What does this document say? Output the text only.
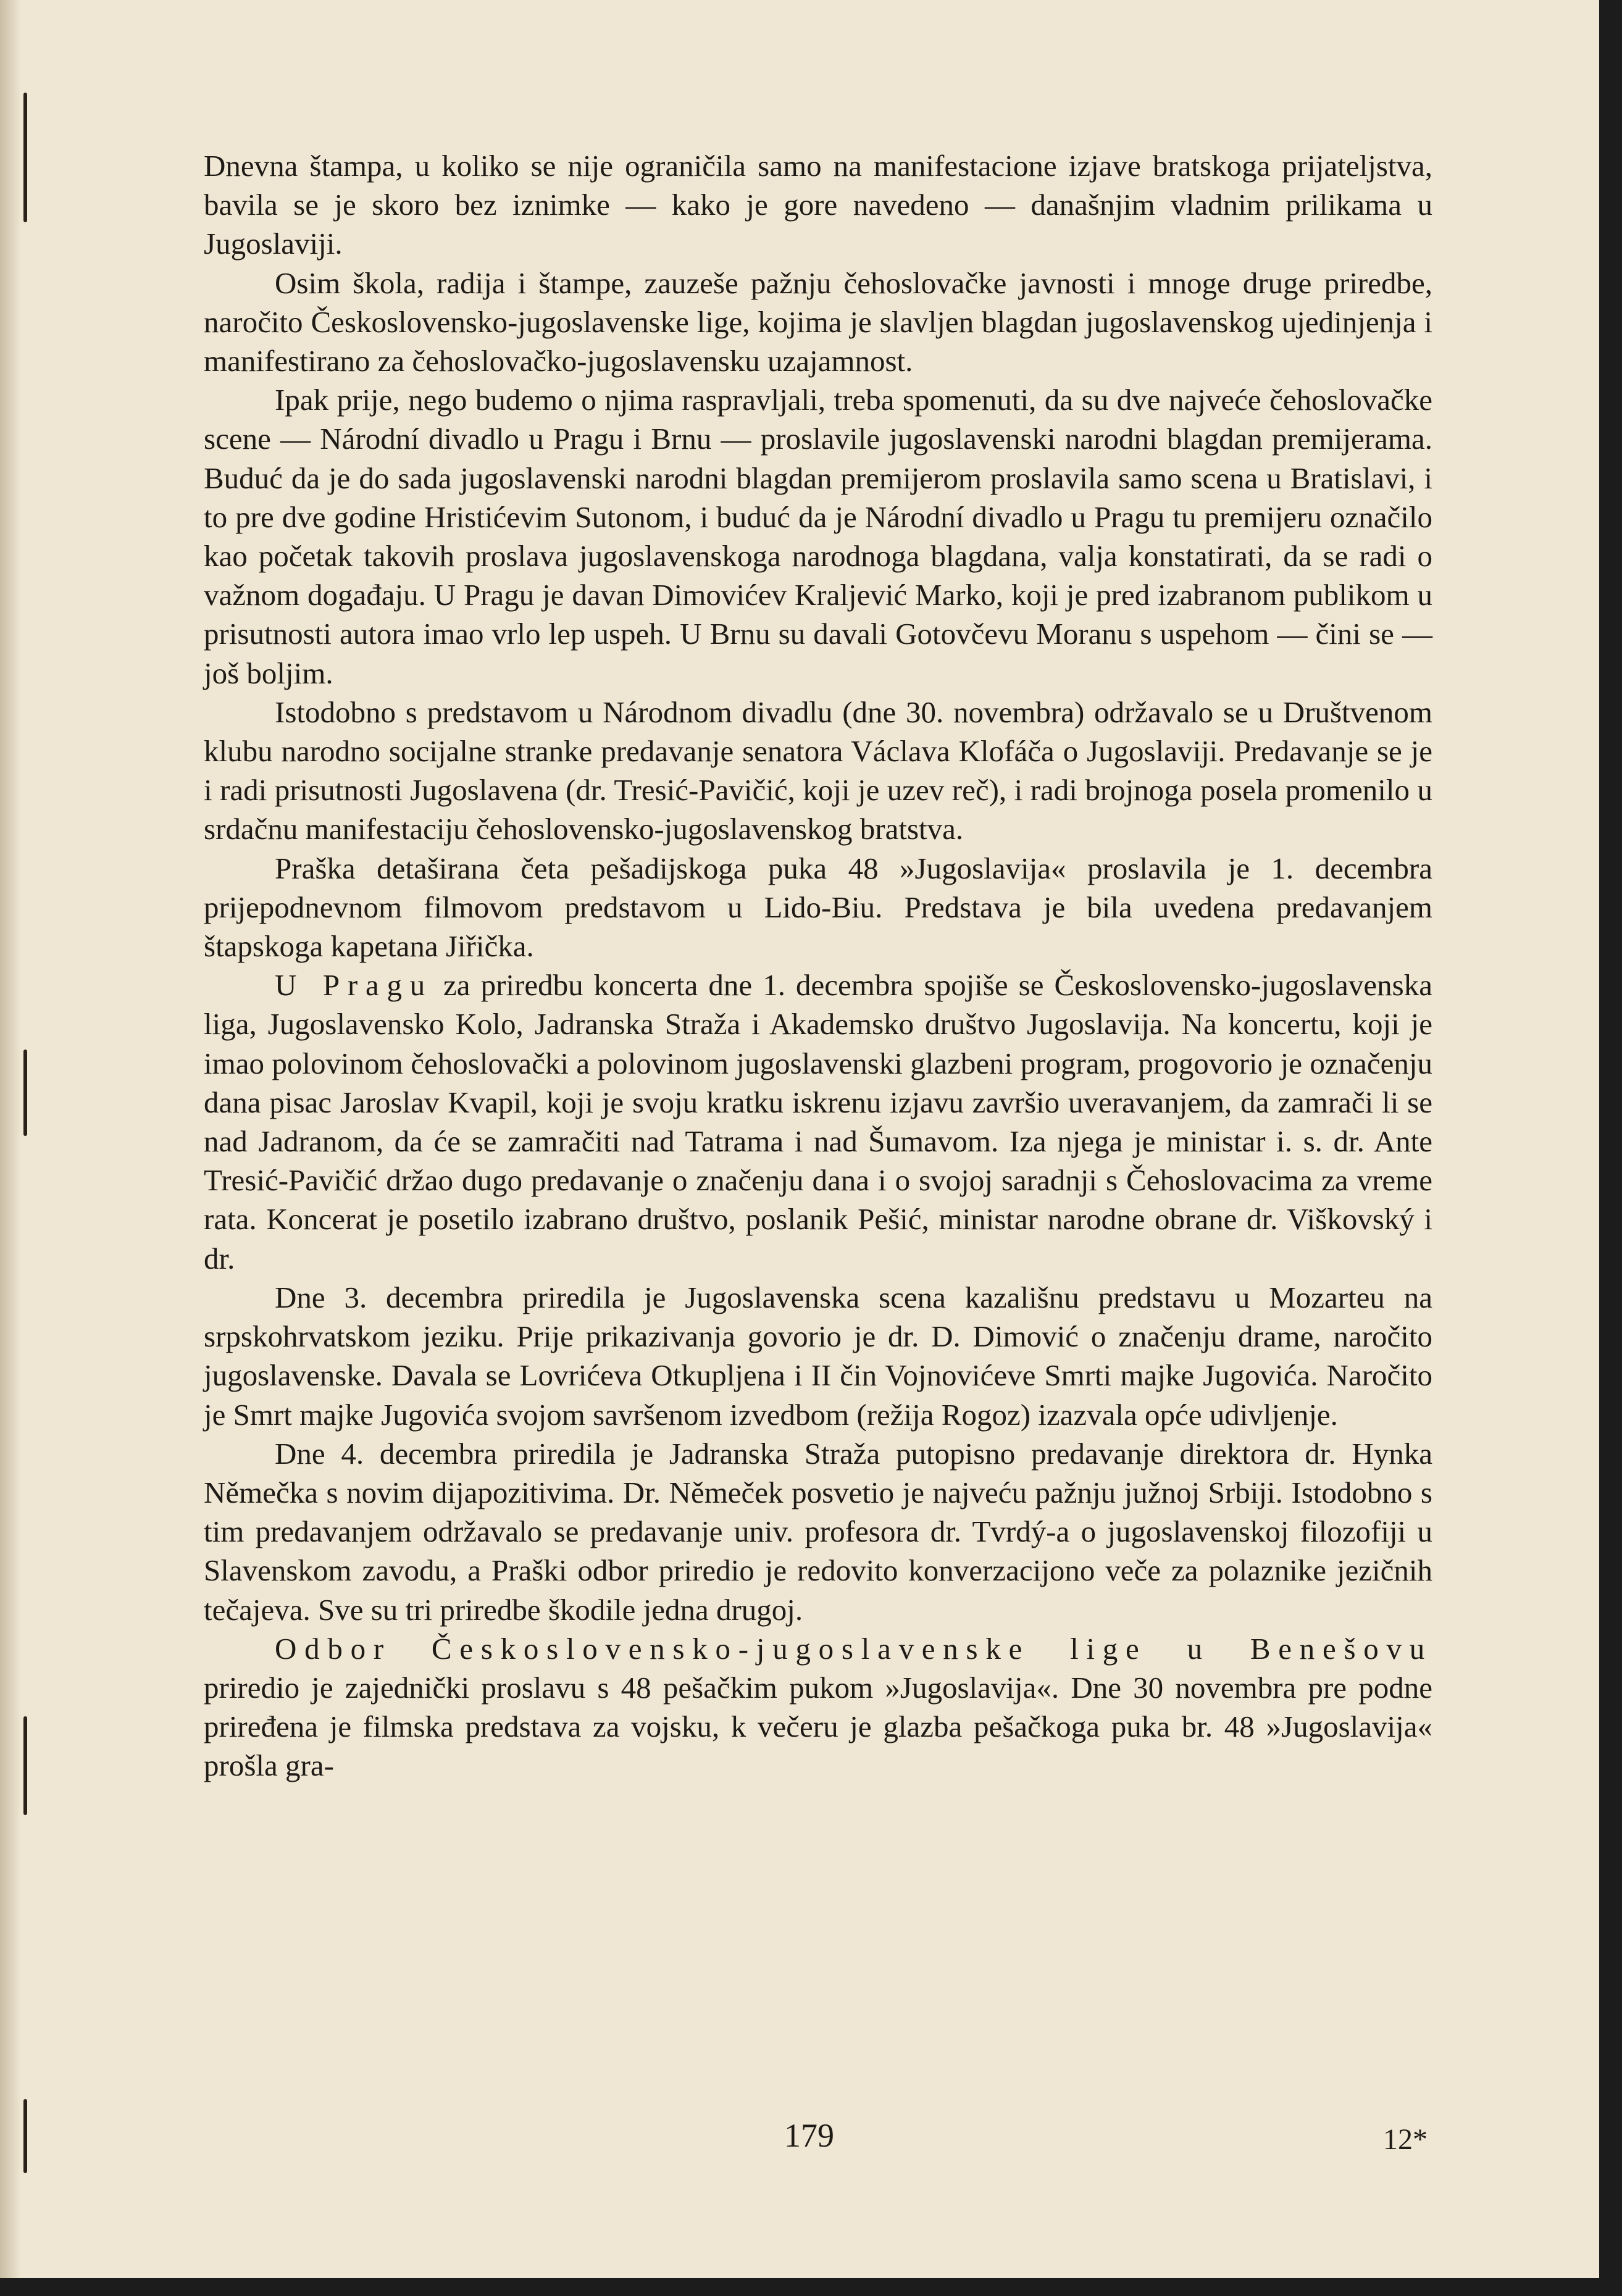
Dnevna štampa, u koliko se nije ograničila samo na manifestacione izjave bratskoga prijateljstva, bavila se je skoro bez iznimke — kako je gore navedeno — današnjim vladnim prilikama u Jugoslaviji.

Osim škola, radija i štampe, zauzeše pažnju čehoslovačke javnosti i mnoge druge priredbe, naročito Československo-jugoslavenske lige, kojima je slavljen blagdan jugoslavenskog ujedinjenja i manifestirano za čehoslovačko-jugoslavensku uzajamnost.

Ipak prije, nego budemo o njima raspravljali, treba spomenuti, da su dve najveće čehoslovačke scene — Národní divadlo u Pragu i Brnu — proslavile jugoslavenski narodni blagdan premijerama. Buduć da je do sada jugoslavenski narodni blagdan premijerom proslavila samo scena u Bratislavi, i to pre dve godine Hristićevim Sutonom, i buduć da je Národní divadlo u Pragu tu premijeru označilo kao početak takovih proslava jugoslavenskoga narodnoga blagdana, valja konstatirati, da se radi o važnom događaju. U Pragu je davan Dimovićev Kraljević Marko, koji je pred izabranom publikom u prisutnosti autora imao vrlo lep uspeh. U Brnu su davali Gotovčevu Moranu s uspehom — čini se — još boljim.

Istodobno s predstavom u Národnom divadlu (dne 30. novembra) održavalo se u Društvenom klubu narodno socijalne stranke predavanje senatora Václava Klofáča o Jugoslaviji. Predavanje se je i radi prisutnosti Jugoslavena (dr. Tresić-Pavičić, koji je uzev reč), i radi brojnoga posela promenilo u srdačnu manifestaciju čehoslovensko-jugoslavenskog bratstva.

Praška detaširana četa pešadijskoga puka 48 »Jugoslavija« proslavila je 1. decembra prijepodnevnom filmovom predstavom u Lido-Biu. Predstava je bila uvedena predavanjem štapskoga kapetana Jiřička.

U Pragu za priredbu koncerta dne 1. decembra spojiše se Československo-jugoslavenska liga, Jugoslavensko Kolo, Jadranska Straža i Akademsko društvo Jugoslavija. Na koncertu, koji je imao polovinom čehoslovački a polovinom jugoslavenski glazbeni program, progovorio je označenju dana pisac Jaroslav Kvapil, koji je svoju kratku iskrenu izjavu završio uveravanjem, da zamrači li se nad Jadranom, da će se zamračiti nad Tatrama i nad Šumavom. Iza njega je ministar i. s. dr. Ante Tresić-Pavičić držao dugo predavanje o značenju dana i o svojoj saradnji s Čehoslovacima za vreme rata. Koncerat je posetilo izabrano društvo, poslanik Pešić, ministar narodne obrane dr. Viškovský i dr.

Dne 3. decembra priredila je Jugoslavenska scena kazališnu predstavu u Mozarteu na srpskohrvatskom jeziku. Prije prikazivanja govorio je dr. D. Dimović o značenju drame, naročito jugoslavenske. Davala se Lovrićeva Otkupljena i II čin Vojnovićeve Smrti majke Jugovića. Naročito je Smrt majke Jugovića svojom savršenom izvedbom (režija Rogoz) izazvala opće udivljenje.

Dne 4. decembra priredila je Jadranska Straža putopisno predavanje direktora dr. Hynka Němečka s novim dijapozitivima. Dr. Němeček posvetio je najveću pažnju južnoj Srbiji. Istodobno s tim predavanjem održavalo se predavanje univ. profesora dr. Tvrdý-a o jugoslavenskoj filozofiji u Slavenskom zavodu, a Praški odbor priredio je redovito konverzacijono veče za polaznike jezičnih tečajeva. Sve su tri priredbe škodile jedna drugoj.

Odbor Československo-jugoslavenske lige u Benešovu priredio je zajednički proslavu s 48 pešačkim pukom »Jugoslavija«. Dne 30 novembra pre podne priređena je filmska predstava za vojsku, k večeru je glazba pešačkoga puka br. 48 »Jugoslavija« prošla gra-

179	12*
